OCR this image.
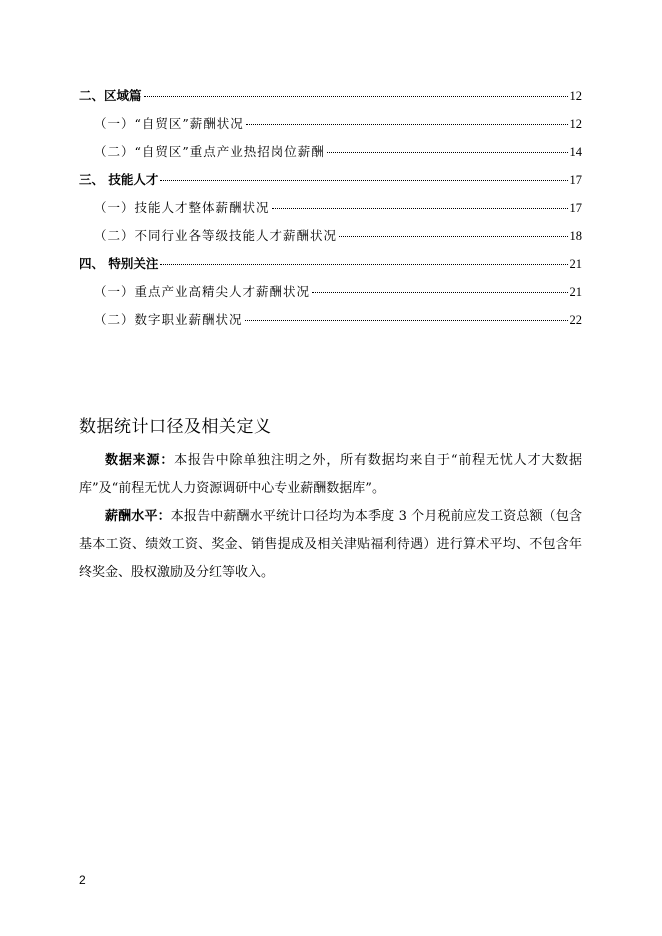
二、区域篇	12
（一）“自贸区”薪酬状况	12
（二）“自贸区”重点产业热招岗位薪酬	14
三、 技能人才	17
（一）技能人才整体薪酬状况	17
（二）不同行业各等级技能人才薪酬状况	18
四、 特别关注	21
（一）重点产业高精尖人才薪酬状况	21
（二）数字职业薪酬状况	22
数据统计口径及相关定义

数据来源：本报告中除单独注明之外，所有数据均来自于“前程无忧人才大数据库”及“前程无忧人力资源调研中心专业薪酬数据库”。

薪酬水平：本报告中薪酬水平统计口径均为本季度 3 个月税前应发工资总额（包含基本工资、绩效工资、奖金、销售提成及相关津贴福利待遇）进行算术平均、不包含年终奖金、股权激励及分红等收入。

2
